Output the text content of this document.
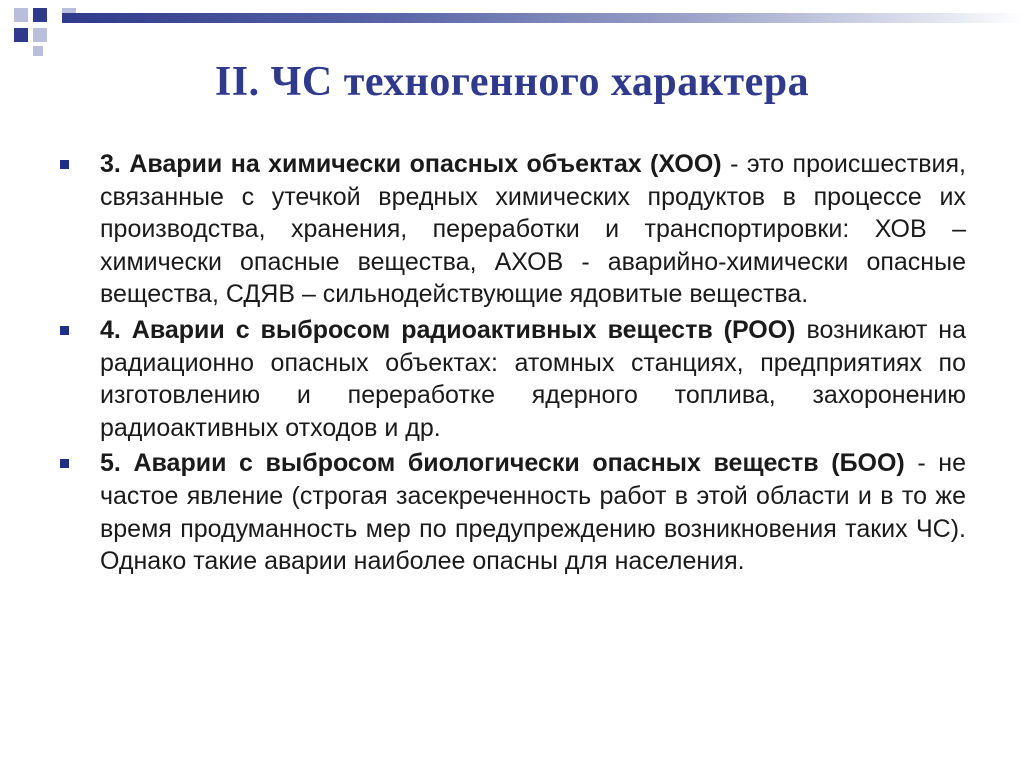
II. ЧС техногенного характера

3. Аварии на химически опасных объектах (ХОО) - это происшествия, связанные с утечкой вредных химических продуктов в процессе их производства, хранения, переработки и транспортировки: ХОВ – химически опасные вещества, АХОВ - аварийно-химически опасные вещества, СДЯВ – сильнодействующие ядовитые вещества.

4. Аварии с выбросом радиоактивных веществ (РОО) возникают на радиационно опасных объектах: атомных станциях, предприятиях по изготовлению и переработке ядерного топлива, захоронению радиоактивных отходов и др.

5. Аварии с выбросом биологически опасных веществ (БОО) - не частое явление (строгая засекреченность работ в этой области и в то же время продуманность мер по предупреждению возникновения таких ЧС). Однако такие аварии наиболее опасны для населения.
